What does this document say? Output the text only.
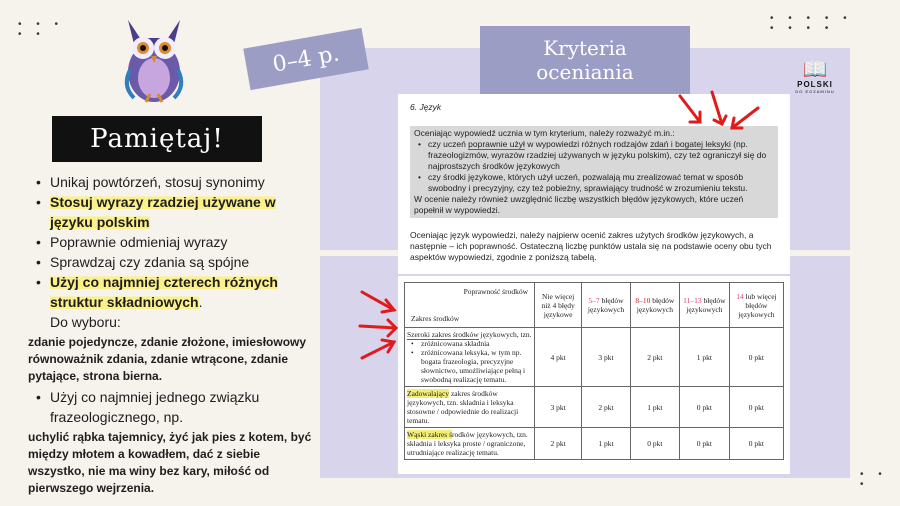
• • •
• •
• • • • •
• • • •
• •
•
Pamiętaj!
• Unikaj powtórzeń, stosuj synonimy
• Stosuj wyrazy rzadziej używane w języku polskim
• Poprawnie odmieniaj wyrazy
• Sprawdzaj czy zdania są spójne
• Użyj co najmniej czterech różnych struktur składniowych.
Do wyboru:
zdanie pojedyncze, zdanie złożone, imiesłowowy równoważnik zdania, zdanie wtrącone, zdanie pytające, strona bierna.
• Użyj co najmniej jednego związku
frazeologicznego, np.
uchylić rąbka tajemnicy, żyć jak pies z kotem, być między młotem a kowadłem, dać z siebie wszystko, nie ma winy bez kary, miłość od pierwszego wejrzenia.
0–4 p.	Kryteria
oceniania	📖
POLSKI
DO EGZAMINU
6. Język
Oceniając wypowiedź ucznia w tym kryterium, należy rozważyć m.in.:
• czy uczeń poprawnie użył w wypowiedzi różnych rodzajów zdań i bogatej leksyki (np. frazeologizmów, wyrazów rzadziej używanych w języku polskim), czy też ograniczył się do najprostszych środków językowych
• czy środki językowe, których użył uczeń, pozwalają mu zrealizować temat w sposób swobodny i precyzyjny, czy też pobieżny, sprawiający trudność w zrozumieniu tekstu.
W ocenie należy również uwzględnić liczbę wszystkich błędów językowych, które uczeń popełnił w wypowiedzi.

Oceniając język wypowiedzi, należy najpierw ocenić zakres użytych środków językowych, a następnie – ich poprawność. Ostateczną liczbę punktów ustala się na podstawie oceny obu tych aspektów wypowiedzi, zgodnie z poniższą tabelą.

Poprawność środków
Zakres środków	Nie więcej niż 4 błędy językowe	5–7 błędów językowych	8–10 błędów językowych	11–13 błędów językowych	14 lub więcej błędów językowych
Szeroki zakres środków językowych, tzn.
• zróżnicowana składnia
• zróżnicowana leksyka, w tym np. bogata frazeologia, precyzyjne słownictwo, umożliwiające pełną i swobodną realizację tematu.	4 pkt	3 pkt	2 pkt	1 pkt	0 pkt
Zadowalający zakres środków językowych, tzn. składnia i leksyka stosowne / odpowiednie do realizacji tematu.	3 pkt	2 pkt	1 pkt	0 pkt	0 pkt
Wąski zakres środków językowych, tzn. składnia i leksyka proste / ograniczone, utrudniające realizację tematu.	2 pkt	1 pkt	0 pkt	0 pkt	0 pkt
